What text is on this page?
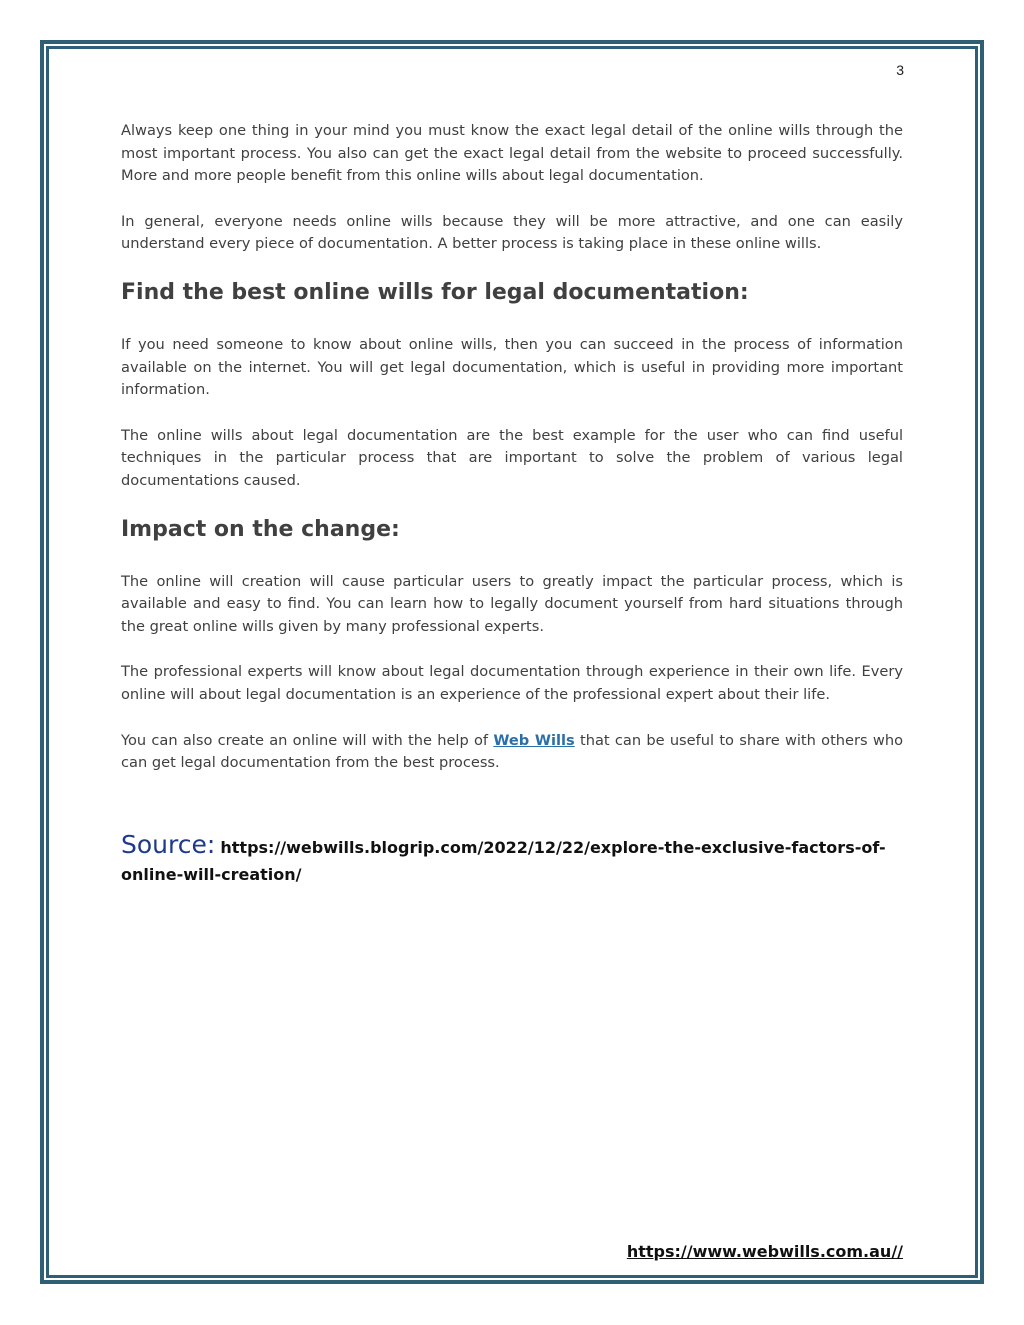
3

Always keep one thing in your mind you must know the exact legal detail of the online wills through the most important process. You also can get the exact legal detail from the website to proceed successfully. More and more people benefit from this online wills about legal documentation.

In general, everyone needs online wills because they will be more attractive, and one can easily understand every piece of documentation. A better process is taking place in these online wills.

Find the best online wills for legal documentation:

If you need someone to know about online wills, then you can succeed in the process of information available on the internet. You will get legal documentation, which is useful in providing more important information.

The online wills about legal documentation are the best example for the user who can find useful techniques in the particular process that are important to solve the problem of various legal documentations caused.

Impact on the change:

The online will creation will cause particular users to greatly impact the particular process, which is available and easy to find. You can learn how to legally document yourself from hard situations through the great online wills given by many professional experts.

The professional experts will know about legal documentation through experience in their own life. Every online will about legal documentation is an experience of the professional expert about their life.

You can also create an online will with the help of Web Wills that can be useful to share with others who can get legal documentation from the best process.

Source: https://webwills.blogrip.com/2022/12/22/explore-the-exclusive-factors-of-online-will-creation/
https://www.webwills.com.au//
